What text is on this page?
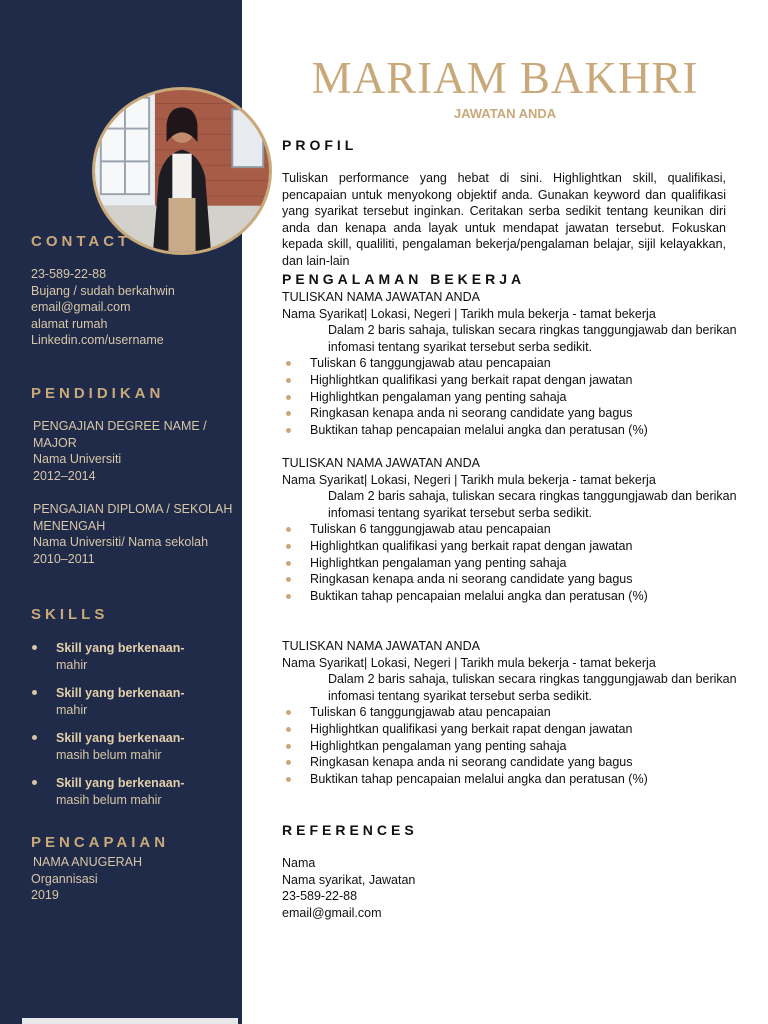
CONTACT
23-589-22-88
Bujang / sudah berkahwin
email@gmail.com
alamat rumah
Linkedin.com/username
PENDIDIKAN
PENGAJIAN DEGREE NAME /
MAJOR
Nama Universiti
2012–2014
PENGAJIAN DIPLOMA / SEKOLAH
MENENGAH
Nama Universiti/ Nama sekolah
2010–2011
SKILLS
Skill yang berkenaan-
mahir
Skill yang berkenaan-
mahir
Skill yang berkenaan-
masih belum mahir
Skill yang berkenaan-
masih belum mahir
PENCAPAIAN
NAMA ANUGERAH
Organnisasi
2019
MARIAM BAKHRI
JAWATAN ANDA
PROFIL

Tuliskan performance yang hebat di sini. Highlightkan skill, qualifikasi, pencapaian untuk menyokong objektif anda. Gunakan keyword dan qualifikasi yang syarikat tersebut inginkan. Ceritakan serba sedikit tentang keunikan diri anda dan kenapa anda layak untuk mendapat jawatan tersebut. Fokuskan kepada skill, qualiliti, pengalaman bekerja/pengalaman belajar, sijil kelayakkan, dan lain-lain

PENGALAMAN BEKERJA
TULISKAN NAMA JAWATAN ANDA
Nama Syarikat| Lokasi, Negeri | Tarikh mula bekerja - tamat bekerja
Dalam 2 baris sahaja, tuliskan secara ringkas tanggungjawab dan berikan infomasi tentang syarikat tersebut serba sedikit.
Tuliskan 6 tanggungjawab atau pencapaian
Highlightkan qualifikasi yang berkait rapat dengan jawatan
Highlightkan pengalaman yang penting sahaja
Ringkasan kenapa anda ni seorang candidate yang bagus
Buktikan tahap pencapaian melalui angka dan peratusan (%)
TULISKAN NAMA JAWATAN ANDA
Nama Syarikat| Lokasi, Negeri | Tarikh mula bekerja - tamat bekerja
Dalam 2 baris sahaja, tuliskan secara ringkas tanggungjawab dan berikan infomasi tentang syarikat tersebut serba sedikit.
Tuliskan 6 tanggungjawab atau pencapaian
Highlightkan qualifikasi yang berkait rapat dengan jawatan
Highlightkan pengalaman yang penting sahaja
Ringkasan kenapa anda ni seorang candidate yang bagus
Buktikan tahap pencapaian melalui angka dan peratusan (%)
TULISKAN NAMA JAWATAN ANDA
Nama Syarikat| Lokasi, Negeri | Tarikh mula bekerja - tamat bekerja
Dalam 2 baris sahaja, tuliskan secara ringkas tanggungjawab dan berikan infomasi tentang syarikat tersebut serba sedikit.
Tuliskan 6 tanggungjawab atau pencapaian
Highlightkan qualifikasi yang berkait rapat dengan jawatan
Highlightkan pengalaman yang penting sahaja
Ringkasan kenapa anda ni seorang candidate yang bagus
Buktikan tahap pencapaian melalui angka dan peratusan (%)
REFERENCES
Nama
Nama syarikat, Jawatan
23-589-22-88
email@gmail.com
